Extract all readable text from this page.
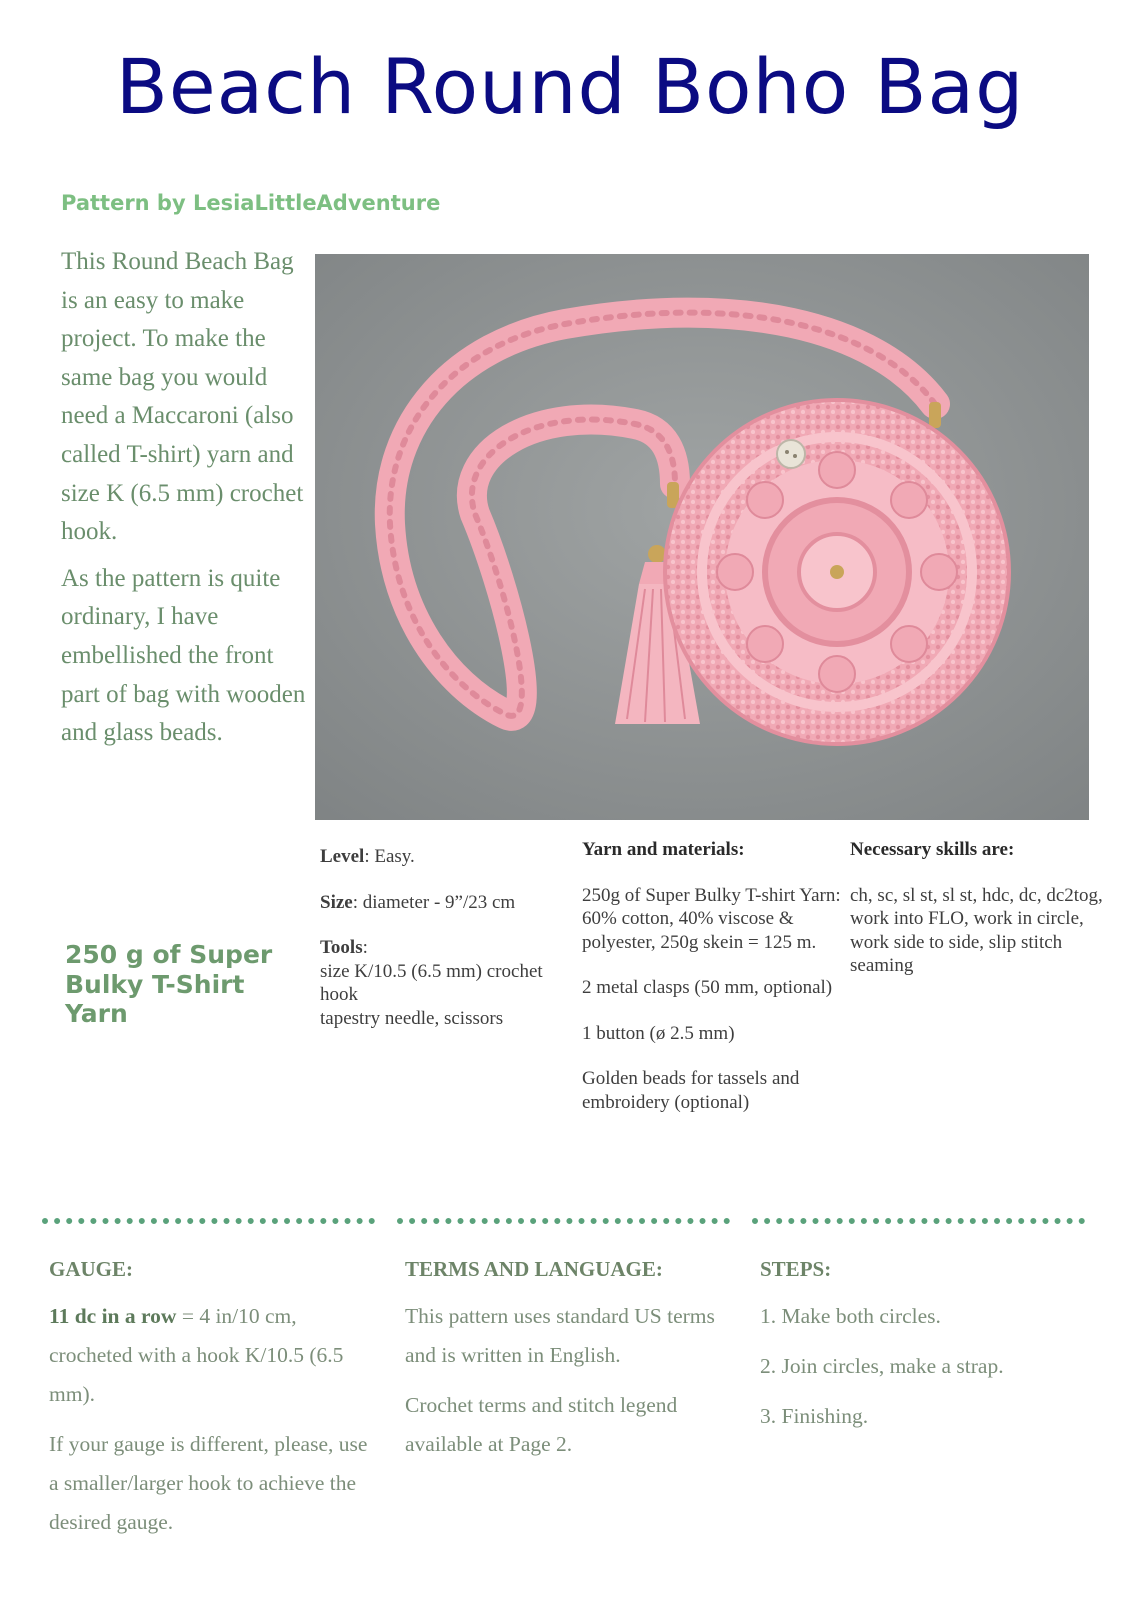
Beach Round Boho Bag
Pattern by LesiaLittleAdventure

This Round Beach Bag is an easy to make project. To make the same bag you would need a Maccaroni (also called T-shirt) yarn and size K (6.5 mm) crochet hook.

As the pattern is quite ordinary, I have embellished the front part of bag with wooden and glass beads.

250 g of Super Bulky T-Shirt Yarn

Level: Easy.

Size: diameter - 9”/23 cm

Tools:

size K/10.5 (6.5 mm) crochet hook

tapestry needle, scissors

Yarn and materials:

250g of Super Bulky T-shirt Yarn: 60% cotton, 40% viscose & polyester, 250g skein = 125 m.

2 metal clasps (50 mm, optional)

1 button (ø 2.5 mm)

Golden beads for tassels and embroidery (optional)

Necessary skills are:

ch, sc, sl st, sl st, hdc, dc, dc2tog, work into FLO, work in circle, work side to side, slip stitch seaming

GAUGE:

11 dc in a row = 4 in/10 cm, crocheted with a hook K/10.5 (6.5 mm).

If your gauge is different, please, use a smaller/larger hook to achieve the desired gauge.

TERMS AND LANGUAGE:

This pattern uses standard US terms and is written in English.

Crochet terms and stitch legend available at Page 2.

STEPS:

1. Make both circles.

2. Join circles, make a strap.

3. Finishing.
